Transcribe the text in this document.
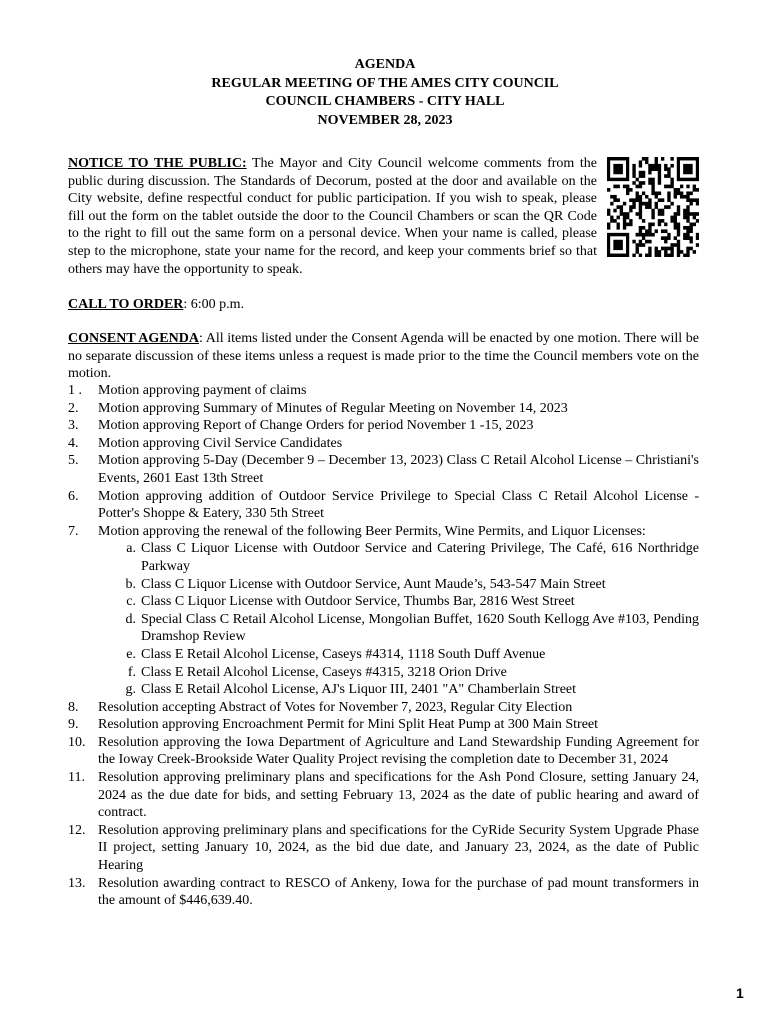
AGENDA
REGULAR MEETING OF THE AMES CITY COUNCIL
COUNCIL CHAMBERS - CITY HALL
NOVEMBER 28, 2023
NOTICE TO THE PUBLIC: The Mayor and City Council welcome comments from the public during discussion. The Standards of Decorum, posted at the door and available on the City website, define respectful conduct for public participation. If you wish to speak, please fill out the form on the tablet outside the door to the Council Chambers or scan the QR Code to the right to fill out the same form on a personal device. When your name is called, please step to the microphone, state your name for the record, and keep your comments brief so that others may have the opportunity to speak.
CALL TO ORDER: 6:00 p.m.
CONSENT AGENDA: All items listed under the Consent Agenda will be enacted by one motion. There will be no separate discussion of these items unless a request is made prior to the time the Council members vote on the motion.
1 .	Motion approving payment of claims
2.	Motion approving Summary of Minutes of Regular Meeting on November 14, 2023
3.	Motion approving Report of Change Orders for period November 1 -15, 2023
4.	Motion approving Civil Service Candidates
5.	Motion approving 5-Day (December 9 – December 13, 2023) Class C Retail Alcohol License – Christiani's Events, 2601 East 13th Street
6.	Motion approving addition of Outdoor Service Privilege to Special Class C Retail Alcohol License - Potter's Shoppe & Eatery, 330 5th Street
7.	Motion approving the renewal of the following Beer Permits, Wine Permits, and Liquor Licenses:
a. Class C Liquor License with Outdoor Service and Catering Privilege, The Café, 616 Northridge Parkway
b. Class C Liquor License with Outdoor Service, Aunt Maude’s, 543-547 Main Street
c. Class C Liquor License with Outdoor Service, Thumbs Bar, 2816 West Street
d. Special Class C Retail Alcohol License, Mongolian Buffet, 1620 South Kellogg Ave #103, Pending Dramshop Review
e. Class E Retail Alcohol License, Caseys #4314, 1118 South Duff Avenue
f. Class E Retail Alcohol License, Caseys #4315, 3218 Orion Drive
g. Class E Retail Alcohol License, AJ's Liquor III, 2401 "A" Chamberlain Street
8.	Resolution accepting Abstract of Votes for November 7, 2023, Regular City Election
9.	Resolution approving Encroachment Permit for Mini Split Heat Pump at 300 Main Street
10. Resolution approving the Iowa Department of Agriculture and Land Stewardship Funding Agreement for the Ioway Creek-Brookside Water Quality Project revising the completion date to December 31, 2024
11. Resolution approving preliminary plans and specifications for the Ash Pond Closure, setting January 24, 2024 as the due date for bids, and setting February 13, 2024 as the date of public hearing and award of contract.
12. Resolution approving preliminary plans and specifications for the CyRide Security System Upgrade Phase II project, setting January 10, 2024, as the bid due date, and January 23, 2024, as the date of Public Hearing
13. Resolution awarding contract to RESCO of Ankeny, Iowa for the purchase of pad mount transformers in the amount of $446,639.40.
1
